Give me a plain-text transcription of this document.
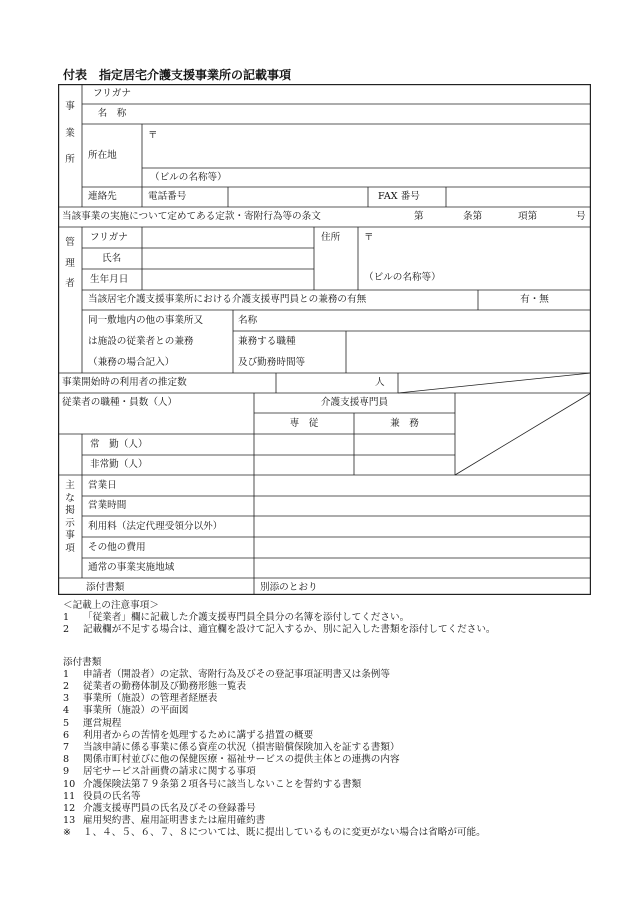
付表 指定居宅介護支援事業所の記載事項
事
業
所
フリガナ
名　称
〒
所在地
（ビルの名称等）
連絡先	電話番号	FAX 番号
当該事業の実施について定めてある定款・寄附行為等の条文	第	条第	項第	号
管
理
者
フリガナ
氏名
生年月日
住所 〒
（ビルの名称等）
当該居宅介護支援事業所における介護支援専門員との兼務の有無	有・無
同一敷地内の他の事業所又
は施設の従業者との兼務
（兼務の場合記入）
名称
兼務する職種
及び勤務時間等
事業開始時の利用者の推定数	人
従業者の職種・員数（人）	介護支援専門員
専　従	兼　務
常　勤（人）
非常勤（人）
主
な
掲
示
事
項
営業日
営業時間
利用料（法定代理受領分以外）
その他の費用
通常の事業実施地域
添付書類	別添のとおり
＜記載上の注意事項＞
1	「従業者」欄に記載した介護支援専門員全員分の名簿を添付してください。
2	記載欄が不足する場合は、適宜欄を設けて記入するか、別に記入した書類を添付してください。
添付書類
1	申請者（開設者）の定款、寄附行為及びその登記事項証明書又は条例等
2	従業者の勤務体制及び勤務形態一覧表
3	事業所（施設）の管理者経歴表
4	事業所（施設）の平面図
5	運営規程
6	利用者からの苦情を処理するために講ずる措置の概要
7	当該申請に係る事業に係る資産の状況（損害賠償保険加入を証する書類）
8	関係市町村並びに他の保健医療・福祉サービスの提供主体との連携の内容
9	居宅サービス計画費の請求に関する事項
10 介護保険法第７９条第２項各号に該当しないことを誓約する書類
11 役員の氏名等
12 介護支援専門員の氏名及びその登録番号
13 雇用契約書、雇用証明書または雇用確約書
※	１、４、５、６、７、８については、既に提出しているものに変更がない場合は省略が可能。
